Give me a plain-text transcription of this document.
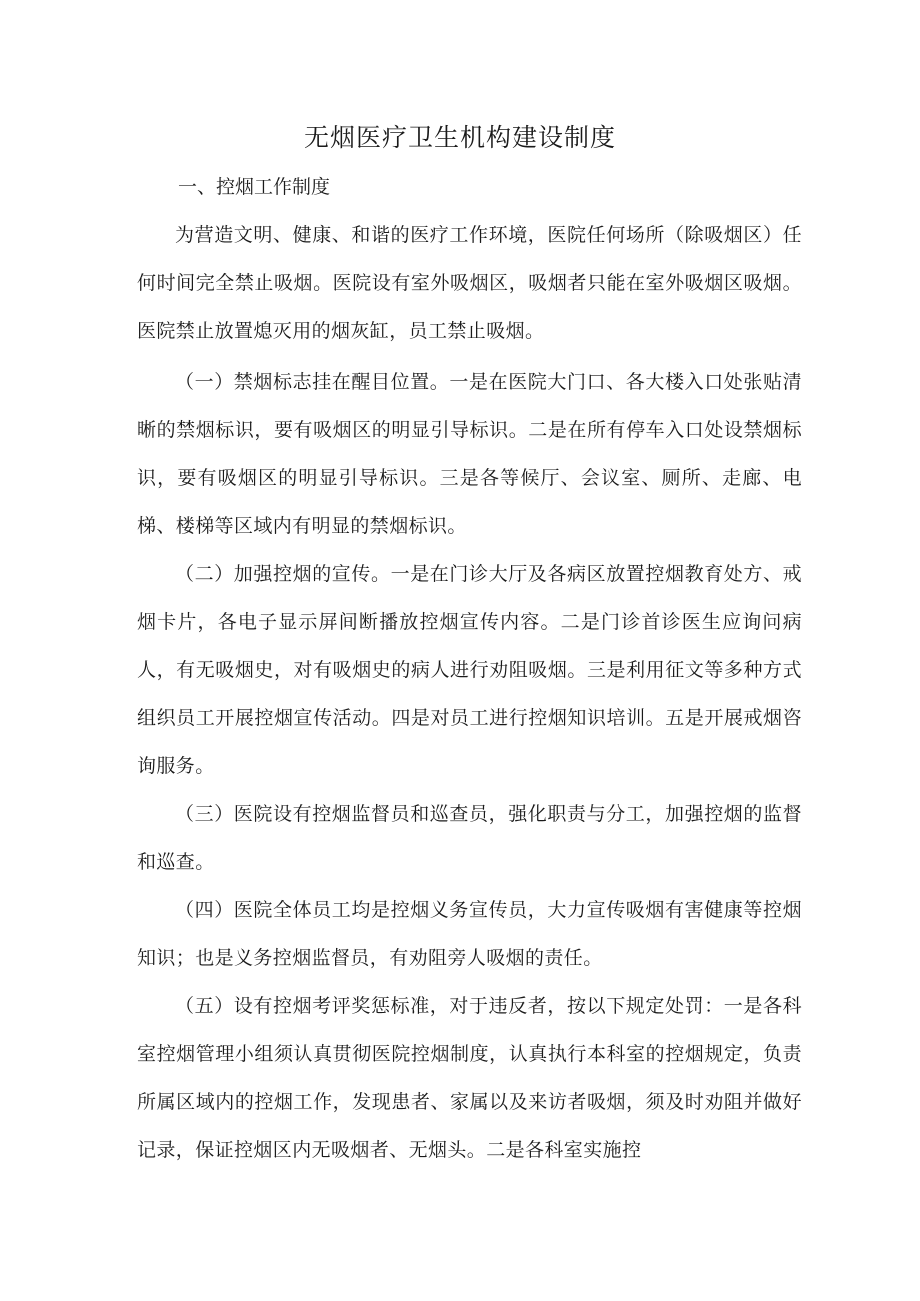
无烟医疗卫生机构建设制度
一、控烟工作制度

为营造文明、健康、和谐的医疗工作环境，医院任何场所（除吸烟区）任何时间完全禁止吸烟。医院设有室外吸烟区，吸烟者只能在室外吸烟区吸烟。医院禁止放置熄灭用的烟灰缸，员工禁止吸烟。

（一）禁烟标志挂在醒目位置。一是在医院大门口、各大楼入口处张贴清晰的禁烟标识，要有吸烟区的明显引导标识。二是在所有停车入口处设禁烟标识，要有吸烟区的明显引导标识。三是各等候厅、会议室、厕所、走廊、电梯、楼梯等区域内有明显的禁烟标识。

（二）加强控烟的宣传。一是在门诊大厅及各病区放置控烟教育处方、戒烟卡片，各电子显示屏间断播放控烟宣传内容。二是门诊首诊医生应询问病人，有无吸烟史，对有吸烟史的病人进行劝阻吸烟。三是利用征文等多种方式组织员工开展控烟宣传活动。四是对员工进行控烟知识培训。五是开展戒烟咨询服务。

（三）医院设有控烟监督员和巡查员，强化职责与分工，加强控烟的监督和巡查。

（四）医院全体员工均是控烟义务宣传员，大力宣传吸烟有害健康等控烟知识；也是义务控烟监督员，有劝阻旁人吸烟的责任。

（五）设有控烟考评奖惩标准，对于违反者，按以下规定处罚：一是各科室控烟管理小组须认真贯彻医院控烟制度，认真执行本科室的控烟规定，负责所属区域内的控烟工作，发现患者、家属以及来访者吸烟，须及时劝阻并做好记录，保证控烟区内无吸烟者、无烟头。二是各科室实施控
